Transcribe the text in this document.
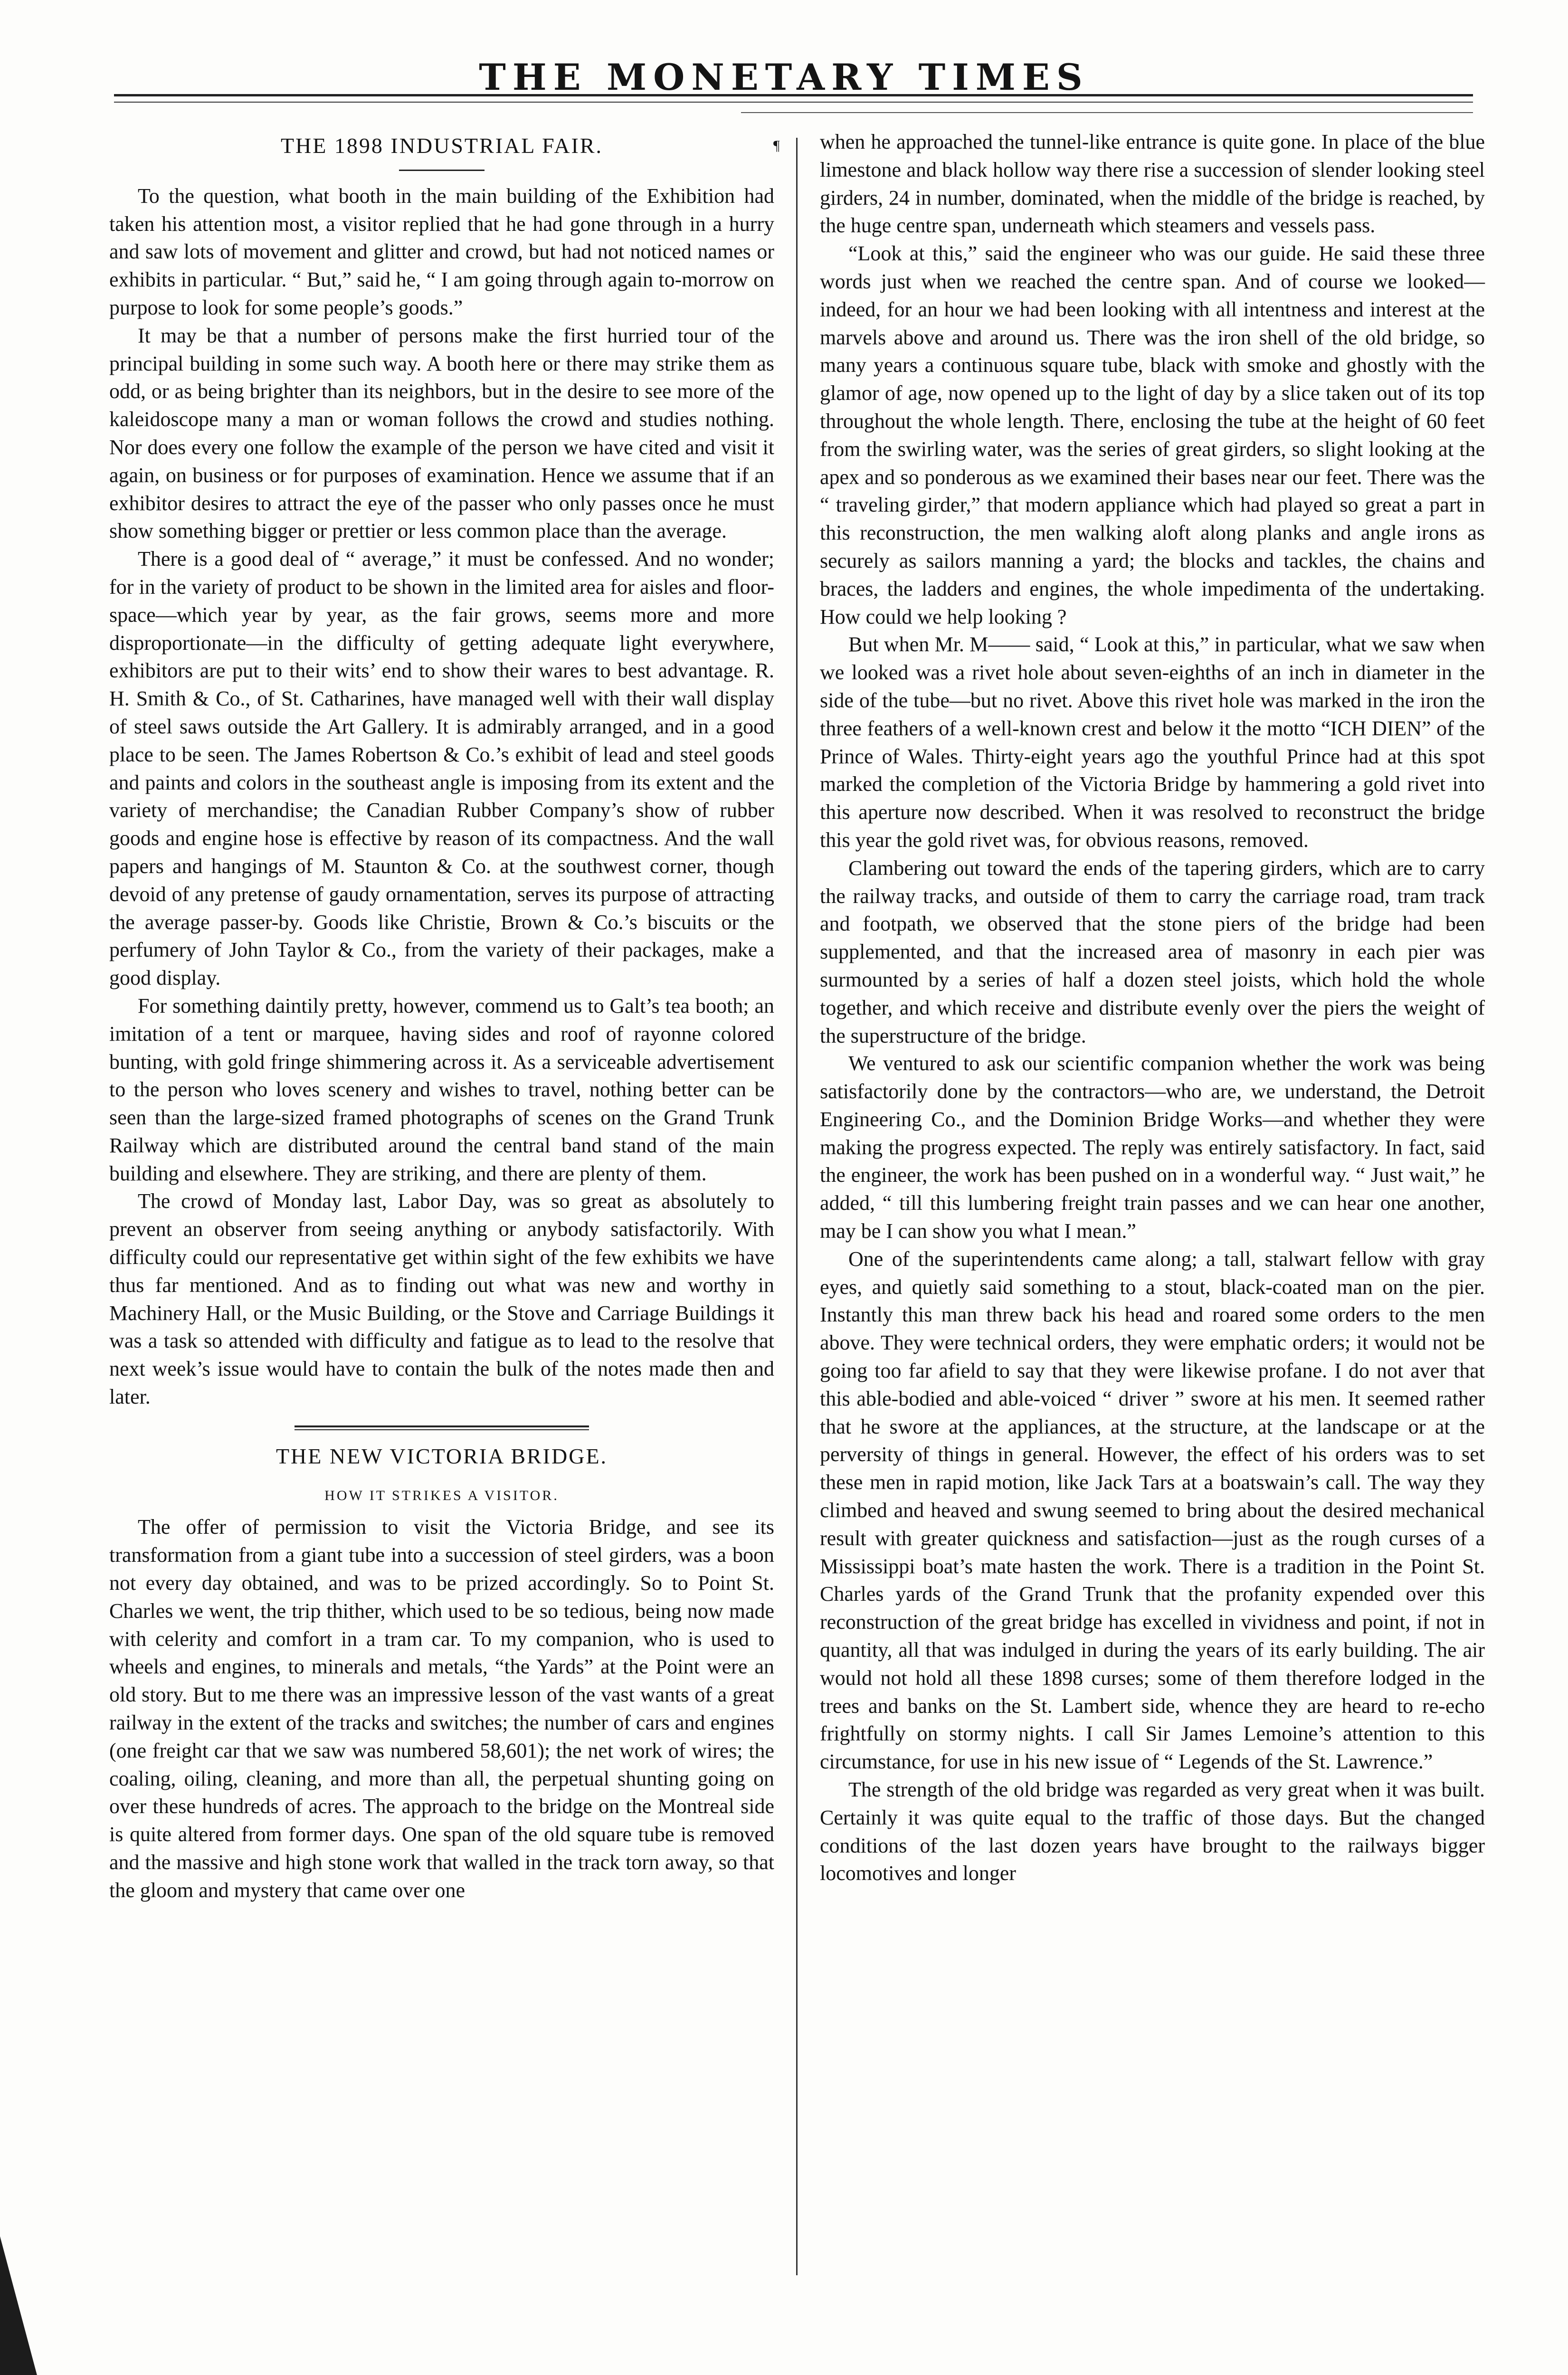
THE MONETARY TIMES
¶
THE 1898 INDUSTRIAL FAIR.

To the question, what booth in the main building of the Exhibition had taken his attention most, a visitor replied that he had gone through in a hurry and saw lots of movement and glitter and crowd, but had not noticed names or exhibits in particular. “ But,” said he, “ I am going through again to-morrow on purpose to look for some people’s goods.”

It may be that a number of persons make the first hurried tour of the principal building in some such way. A booth here or there may strike them as odd, or as being brighter than its neighbors, but in the desire to see more of the kaleidoscope many a man or woman follows the crowd and studies nothing. Nor does every one follow the example of the person we have cited and visit it again, on business or for purposes of examination. Hence we assume that if an exhibitor desires to attract the eye of the passer who only passes once he must show something bigger or prettier or less common place than the average.

There is a good deal of “ average,” it must be confessed. And no wonder; for in the variety of product to be shown in the limited area for aisles and floor-space—which year by year, as the fair grows, seems more and more disproportionate—in the difficulty of getting adequate light everywhere, exhibitors are put to their wits’ end to show their wares to best advantage. R. H. Smith & Co., of St. Catharines, have managed well with their wall display of steel saws outside the Art Gallery. It is admirably arranged, and in a good place to be seen. The James Robertson & Co.’s exhibit of lead and steel goods and paints and colors in the southeast angle is imposing from its extent and the variety of merchandise; the Canadian Rubber Company’s show of rubber goods and engine hose is effective by reason of its compactness. And the wall papers and hangings of M. Staunton & Co. at the southwest corner, though devoid of any pretense of gaudy ornamentation, serves its purpose of attracting the average passer-by. Goods like Christie, Brown & Co.’s biscuits or the perfumery of John Taylor & Co., from the variety of their packages, make a good display.

For something daintily pretty, however, commend us to Galt’s tea booth; an imitation of a tent or marquee, having sides and roof of rayonne colored bunting, with gold fringe shimmering across it. As a serviceable advertisement to the person who loves scenery and wishes to travel, nothing better can be seen than the large-sized framed photographs of scenes on the Grand Trunk Railway which are distributed around the central band stand of the main building and elsewhere. They are striking, and there are plenty of them.

The crowd of Monday last, Labor Day, was so great as absolutely to prevent an observer from seeing anything or anybody satisfactorily. With difficulty could our representative get within sight of the few exhibits we have thus far mentioned. And as to finding out what was new and worthy in Machinery Hall, or the Music Building, or the Stove and Carriage Buildings it was a task so attended with difficulty and fatigue as to lead to the resolve that next week’s issue would have to contain the bulk of the notes made then and later.

THE NEW VICTORIA BRIDGE.
HOW IT STRIKES A VISITOR.

The offer of permission to visit the Victoria Bridge, and see its transformation from a giant tube into a succession of steel girders, was a boon not every day obtained, and was to be prized accordingly. So to Point St. Charles we went, the trip thither, which used to be so tedious, being now made with celerity and comfort in a tram car. To my companion, who is used to wheels and engines, to minerals and metals, “the Yards” at the Point were an old story. But to me there was an impressive lesson of the vast wants of a great railway in the extent of the tracks and switches; the number of cars and engines (one freight car that we saw was numbered 58,601); the net work of wires; the coaling, oiling, cleaning, and more than all, the perpetual shunting going on over these hundreds of acres. The approach to the bridge on the Montreal side is quite altered from former days. One span of the old square tube is removed and the massive and high stone work that walled in the track torn away, so that the gloom and mystery that came over one

when he approached the tunnel-like entrance is quite gone. In place of the blue limestone and black hollow way there rise a succession of slender looking steel girders, 24 in number, dominated, when the middle of the bridge is reached, by the huge centre span, underneath which steamers and vessels pass.

“Look at this,” said the engineer who was our guide. He said these three words just when we reached the centre span. And of course we looked—indeed, for an hour we had been looking with all intentness and interest at the marvels above and around us. There was the iron shell of the old bridge, so many years a continuous square tube, black with smoke and ghostly with the glamor of age, now opened up to the light of day by a slice taken out of its top throughout the whole length. There, enclosing the tube at the height of 60 feet from the swirling water, was the series of great girders, so slight looking at the apex and so ponderous as we examined their bases near our feet. There was the “ traveling girder,” that modern appliance which had played so great a part in this reconstruction, the men walking aloft along planks and angle irons as securely as sailors manning a yard; the blocks and tackles, the chains and braces, the ladders and engines, the whole impedimenta of the undertaking. How could we help looking ?

But when Mr. M—— said, “ Look at this,” in particular, what we saw when we looked was a rivet hole about seven-eighths of an inch in diameter in the side of the tube—but no rivet. Above this rivet hole was marked in the iron the three feathers of a well-known crest and below it the motto “ICH DIEN” of the Prince of Wales. Thirty-eight years ago the youthful Prince had at this spot marked the completion of the Victoria Bridge by hammering a gold rivet into this aperture now described. When it was resolved to reconstruct the bridge this year the gold rivet was, for obvious reasons, removed.

Clambering out toward the ends of the tapering girders, which are to carry the railway tracks, and outside of them to carry the carriage road, tram track and footpath, we observed that the stone piers of the bridge had been supplemented, and that the increased area of masonry in each pier was surmounted by a series of half a dozen steel joists, which hold the whole together, and which receive and distribute evenly over the piers the weight of the superstructure of the bridge.

We ventured to ask our scientific companion whether the work was being satisfactorily done by the contractors—who are, we understand, the Detroit Engineering Co., and the Dominion Bridge Works—and whether they were making the progress expected. The reply was entirely satisfactory. In fact, said the engineer, the work has been pushed on in a wonderful way. “ Just wait,” he added, “ till this lumbering freight train passes and we can hear one another, may be I can show you what I mean.”

One of the superintendents came along; a tall, stalwart fellow with gray eyes, and quietly said something to a stout, black-coated man on the pier. Instantly this man threw back his head and roared some orders to the men above. They were technical orders, they were emphatic orders; it would not be going too far afield to say that they were likewise profane. I do not aver that this able-bodied and able-voiced “ driver ” swore at his men. It seemed rather that he swore at the appliances, at the structure, at the landscape or at the perversity of things in general. However, the effect of his orders was to set these men in rapid motion, like Jack Tars at a boatswain’s call. The way they climbed and heaved and swung seemed to bring about the desired mechanical result with greater quickness and satisfaction—just as the rough curses of a Mississippi boat’s mate hasten the work. There is a tradition in the Point St. Charles yards of the Grand Trunk that the profanity expended over this reconstruction of the great bridge has excelled in vividness and point, if not in quantity, all that was indulged in during the years of its early building. The air would not hold all these 1898 curses; some of them therefore lodged in the trees and banks on the St. Lambert side, whence they are heard to re-echo frightfully on stormy nights. I call Sir James Lemoine’s attention to this circumstance, for use in his new issue of “ Legends of the St. Lawrence.”

The strength of the old bridge was regarded as very great when it was built. Certainly it was quite equal to the traffic of those days. But the changed conditions of the last dozen years have brought to the railways bigger locomotives and longer
